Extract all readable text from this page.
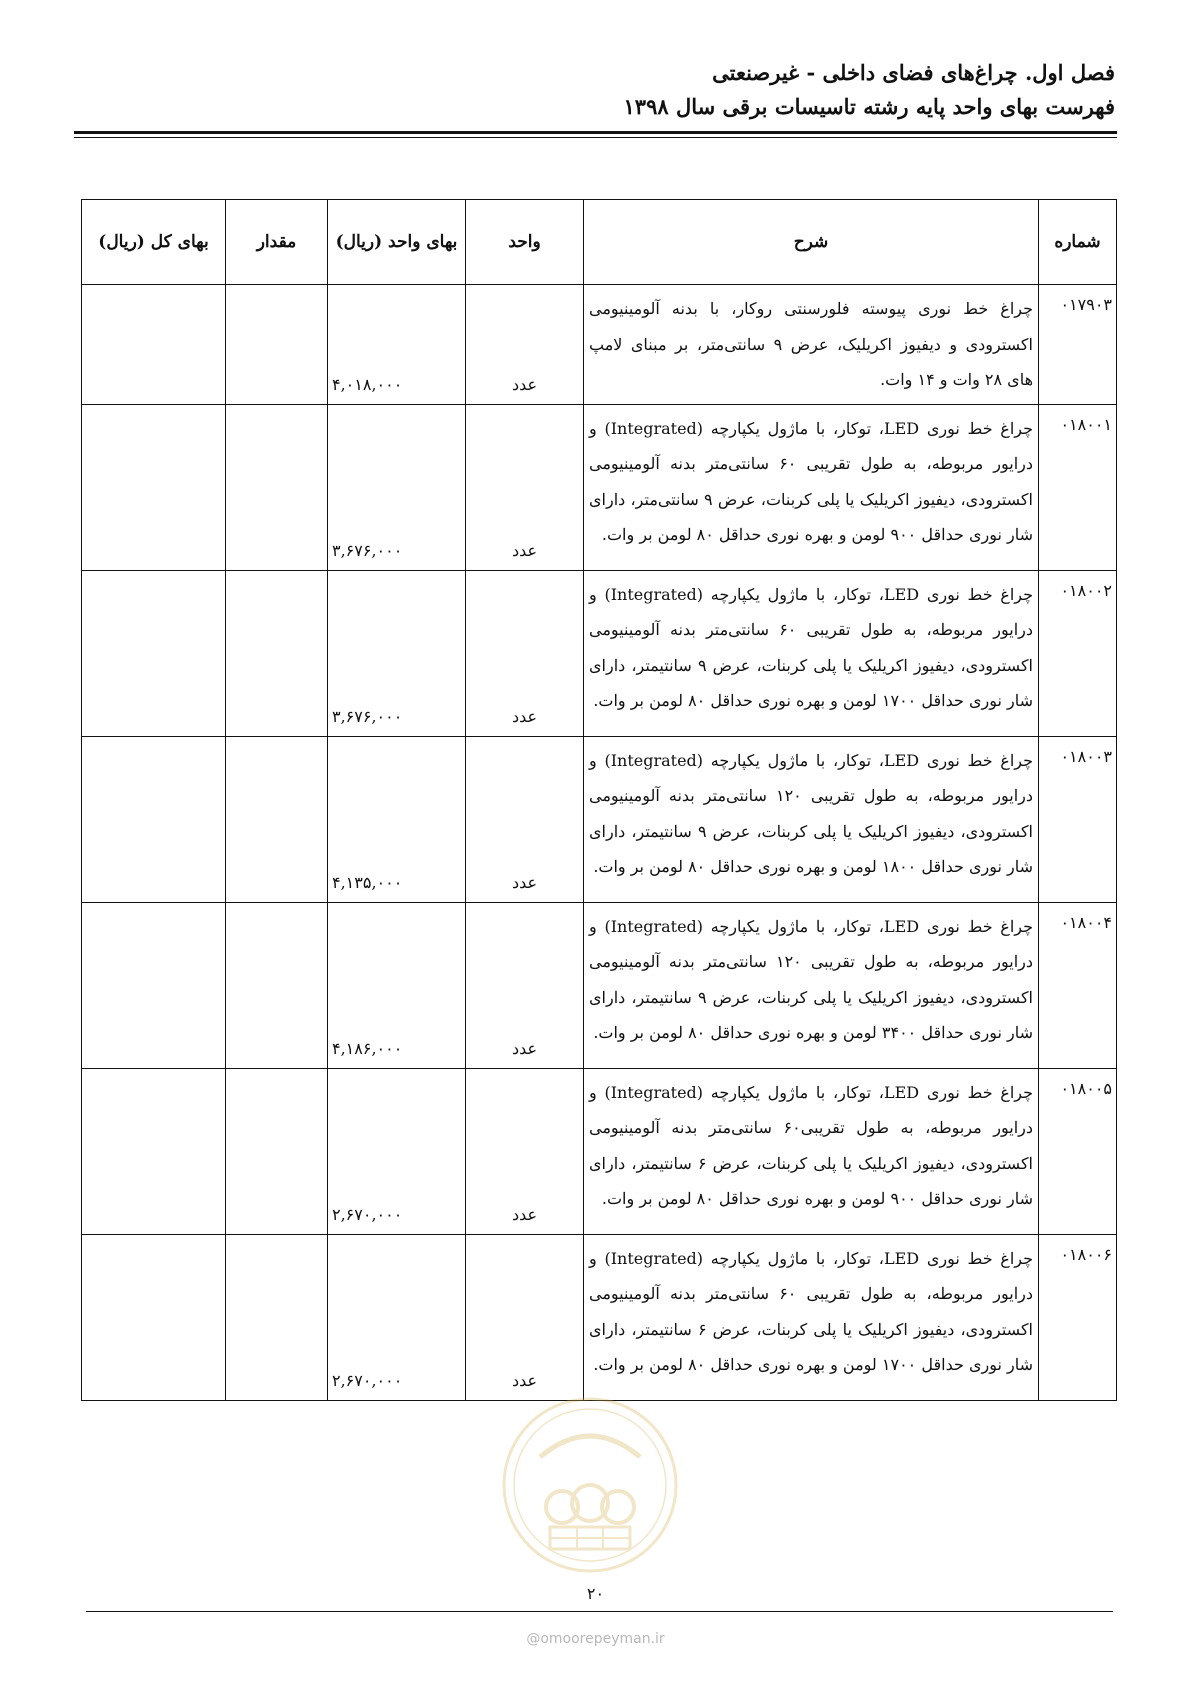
فصل اول. چراغ‌های فضای داخلی - غیرصنعتی
فهرست بهای واحد پایه رشته تاسیسات برقی سال ۱۳۹۸
شماره	شرح	واحد	بهای واحد (ریال)	مقدار	بهای کل (ریال)
۰۱۷۹۰۳	چراغ خط نوری پیوسته فلورسنتی روکار، با بدنه آلومینیومی اکسترودی و دیفیوز اکریلیک، عرض ۹ سانتی‌متر، بر مبنای لامپ های ۲۸ وات و ۱۴ وات.	عدد	۴,۰۱۸,۰۰۰		
۰۱۸۰۰۱	چراغ خط نوری LED، توکار، با ماژول یکپارچه (Integrated) و درایور مربوطه، به طول تقریبی ۶۰ سانتی‌متر بدنه آلومینیومی اکسترودی، دیفیوز اکریلیک یا پلی کربنات، عرض ۹ سانتی‌متر، دارای شار نوری حداقل ۹۰۰ لومن و بهره نوری حداقل ۸۰ لومن بر وات.	عدد	۳,۶۷۶,۰۰۰		
۰۱۸۰۰۲	چراغ خط نوری LED، توکار، با ماژول یکپارچه (Integrated) و درایور مربوطه، به طول تقریبی ۶۰ سانتی‌متر بدنه آلومینیومی اکسترودی، دیفیوز اکریلیک یا پلی کربنات، عرض ۹ سانتیمتر، دارای شار نوری حداقل ۱۷۰۰ لومن و بهره نوری حداقل ۸۰ لومن بر وات.	عدد	۳,۶۷۶,۰۰۰		
۰۱۸۰۰۳	چراغ خط نوری LED، توکار، با ماژول یکپارچه (Integrated) و درایور مربوطه، به طول تقریبی ۱۲۰ سانتی‌متر بدنه آلومینیومی اکسترودی، دیفیوز اکریلیک یا پلی کربنات، عرض ۹ سانتیمتر، دارای شار نوری حداقل ۱۸۰۰ لومن و بهره نوری حداقل ۸۰ لومن بر وات.	عدد	۴,۱۳۵,۰۰۰		
۰۱۸۰۰۴	چراغ خط نوری LED، توکار، با ماژول یکپارچه (Integrated) و درایور مربوطه، به طول تقریبی ۱۲۰ سانتی‌متر بدنه آلومینیومی اکسترودی، دیفیوز اکریلیک یا پلی کربنات، عرض ۹ سانتیمتر، دارای شار نوری حداقل ۳۴۰۰ لومن و بهره نوری حداقل ۸۰ لومن بر وات.	عدد	۴,۱۸۶,۰۰۰		
۰۱۸۰۰۵	چراغ خط نوری LED، توکار، با ماژول یکپارچه (Integrated) و درایور مربوطه، به طول تقریبی۶۰ سانتی‌متر بدنه آلومینیومی اکسترودی، دیفیوز اکریلیک یا پلی کربنات، عرض ۶ سانتیمتر، دارای شار نوری حداقل ۹۰۰ لومن و بهره نوری حداقل ۸۰ لومن بر وات.	عدد	۲,۶۷۰,۰۰۰		
۰۱۸۰۰۶	چراغ خط نوری LED، توکار، با ماژول یکپارچه (Integrated) و درایور مربوطه، به طول تقریبی ۶۰ سانتی‌متر بدنه آلومینیومی اکسترودی، دیفیوز اکریلیک یا پلی کربنات، عرض ۶ سانتیمتر، دارای شار نوری حداقل ۱۷۰۰ لومن و بهره نوری حداقل ۸۰ لومن بر وات.	عدد	۲,۶۷۰,۰۰۰		
۲۰
@omoorepeyman.ir
